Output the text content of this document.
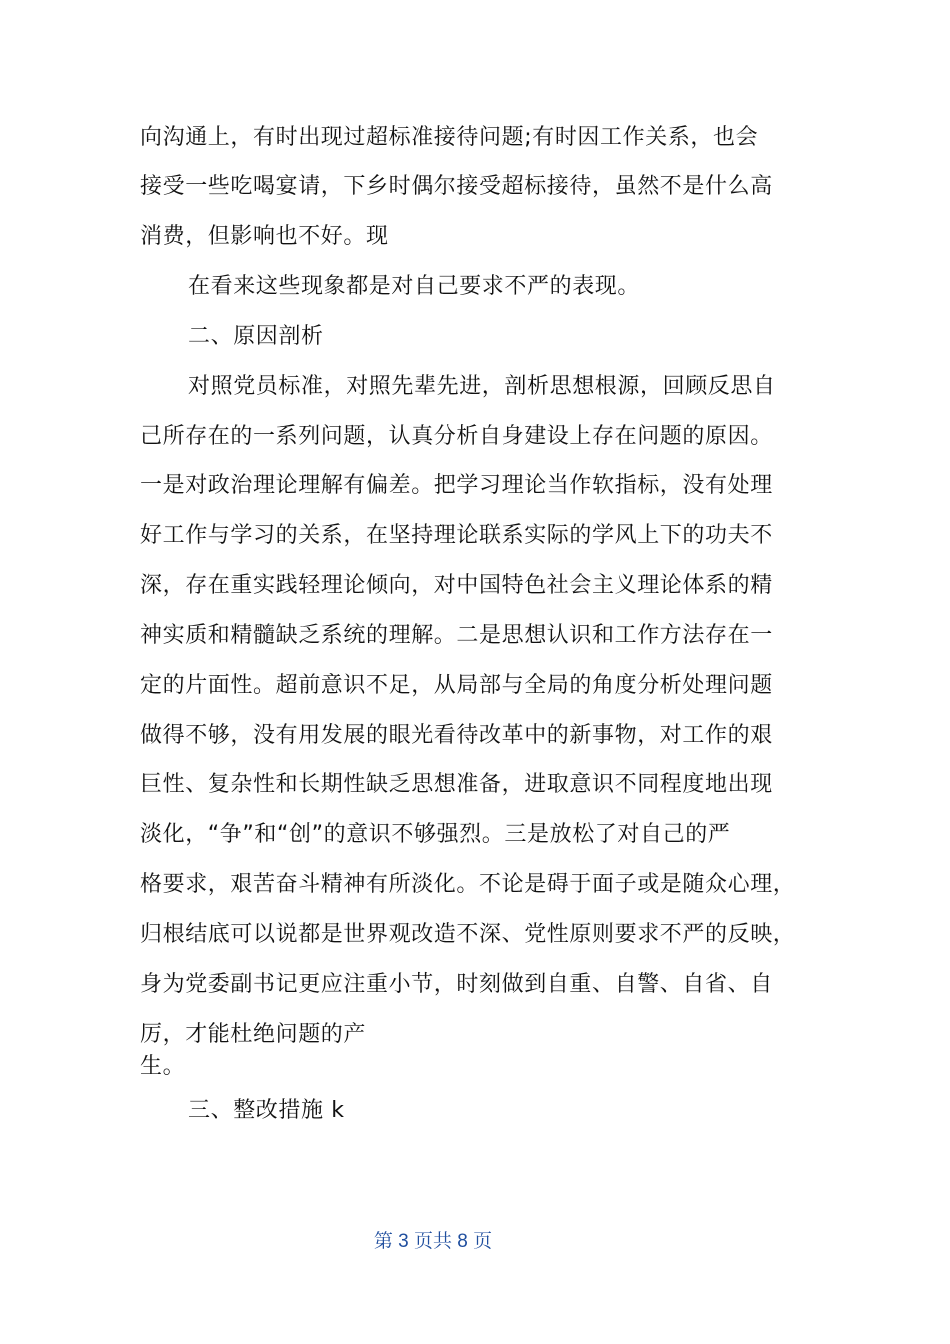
向沟通上，有时出现过超标准接待问题;有时因工作关系，也会
接受一些吃喝宴请，下乡时偶尔接受超标接待，虽然不是什么高
消费，但影响也不好。现
在看来这些现象都是对自己要求不严的表现。
二、原因剖析
对照党员标准，对照先辈先进，剖析思想根源，回顾反思自
己所存在的一系列问题，认真分析自身建设上存在问题的原因。
一是对政治理论理解有偏差。把学习理论当作软指标，没有处理
好工作与学习的关系，在坚持理论联系实际的学风上下的功夫不
深，存在重实践轻理论倾向，对中国特色社会主义理论体系的精
神实质和精髓缺乏系统的理解。二是思想认识和工作方法存在一
定的片面性。超前意识不足，从局部与全局的角度分析处理问题
做得不够，没有用发展的眼光看待改革中的新事物，对工作的艰
巨性、复杂性和长期性缺乏思想准备，进取意识不同程度地出现
淡化，“争”和“创”的意识不够强烈。三是放松了对自己的严
格要求，艰苦奋斗精神有所淡化。不论是碍于面子或是随众心理，
归根结底可以说都是世界观改造不深、党性原则要求不严的反映，
身为党委副书记更应注重小节，时刻做到自重、自警、自省、自
厉，才能杜绝问题的产
生。
三、整改措施 k
第 3 页共 8 页
